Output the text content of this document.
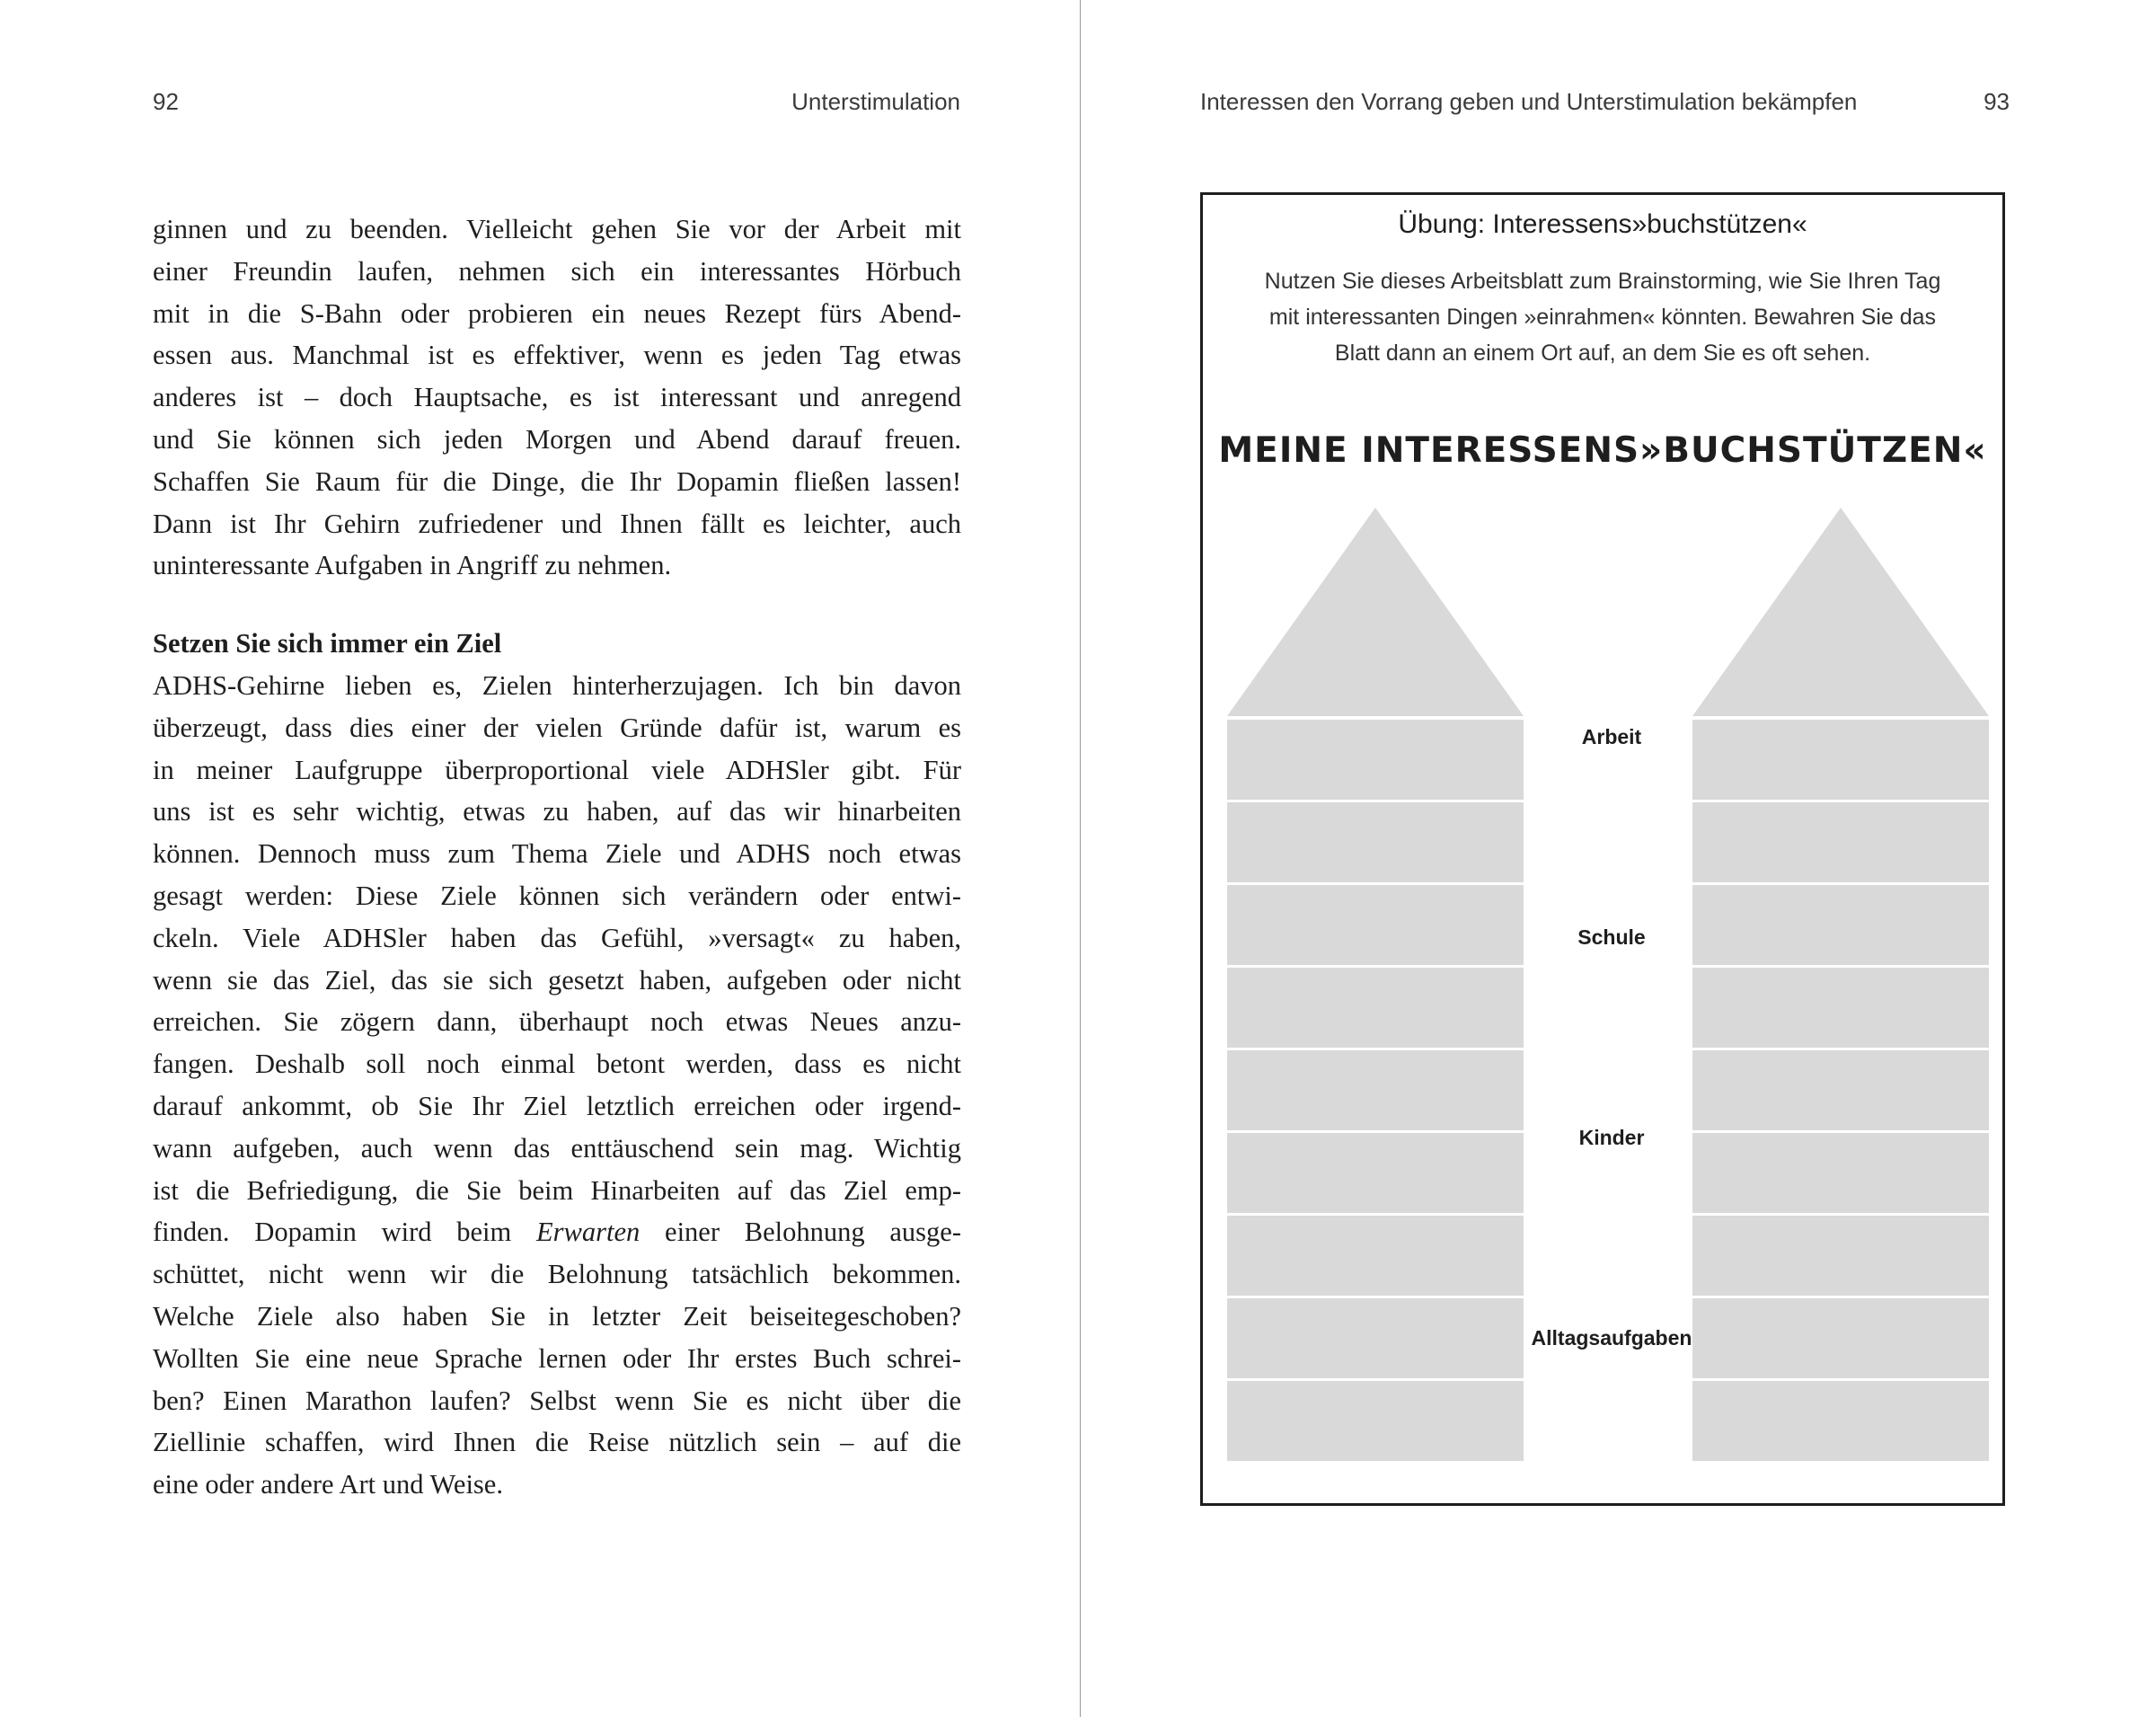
92	Unterstimulation
ginnen und zu beenden. Vielleicht gehen Sie vor der Arbeit mit
einer Freundin laufen, nehmen sich ein interessantes Hörbuch
mit in die S-Bahn oder probieren ein neues Rezept fürs Abend-
essen aus. Manchmal ist es effektiver, wenn es jeden Tag etwas
anderes ist – doch Hauptsache, es ist interessant und anregend
und Sie können sich jeden Morgen und Abend darauf freuen.
Schaffen Sie Raum für die Dinge, die Ihr Dopamin fließen lassen!
Dann ist Ihr Gehirn zufriedener und Ihnen fällt es leichter, auch
uninteressante Aufgaben in Angriff zu nehmen.
Setzen Sie sich immer ein Ziel
ADHS-Gehirne lieben es, Zielen hinterherzujagen. Ich bin davon
überzeugt, dass dies einer der vielen Gründe dafür ist, warum es
in meiner Laufgruppe überproportional viele ADHSler gibt. Für
uns ist es sehr wichtig, etwas zu haben, auf das wir hinarbeiten
können. Dennoch muss zum Thema Ziele und ADHS noch etwas
gesagt werden: Diese Ziele können sich verändern oder entwi-
ckeln. Viele ADHSler haben das Gefühl, »versagt« zu haben,
wenn sie das Ziel, das sie sich gesetzt haben, aufgeben oder nicht
erreichen. Sie zögern dann, überhaupt noch etwas Neues anzu-
fangen. Deshalb soll noch einmal betont werden, dass es nicht
darauf ankommt, ob Sie Ihr Ziel letztlich erreichen oder irgend-
wann aufgeben, auch wenn das enttäuschend sein mag. Wichtig
ist die Befriedigung, die Sie beim Hinarbeiten auf das Ziel emp-
finden. Dopamin wird beim Erwarten einer Belohnung ausge-
schüttet, nicht wenn wir die Belohnung tatsächlich bekommen.
Welche Ziele also haben Sie in letzter Zeit beiseitegeschoben?
Wollten Sie eine neue Sprache lernen oder Ihr erstes Buch schrei-
ben? Einen Marathon laufen? Selbst wenn Sie es nicht über die
Ziellinie schaffen, wird Ihnen die Reise nützlich sein – auf die
eine oder andere Art und Weise.
Interessen den Vorrang geben und Unterstimulation bekämpfen	93
Übung: Interessens»buchstützen«
Nutzen Sie dieses Arbeitsblatt zum Brainstorming, wie Sie Ihren Tag
mit interessanten Dingen »einrahmen« könnten. Bewahren Sie das
Blatt dann an einem Ort auf, an dem Sie es oft sehen.
MEINE INTERESSENS»BUCHSTÜTZEN«
Arbeit
Schule
Kinder
Alltagsaufgaben
